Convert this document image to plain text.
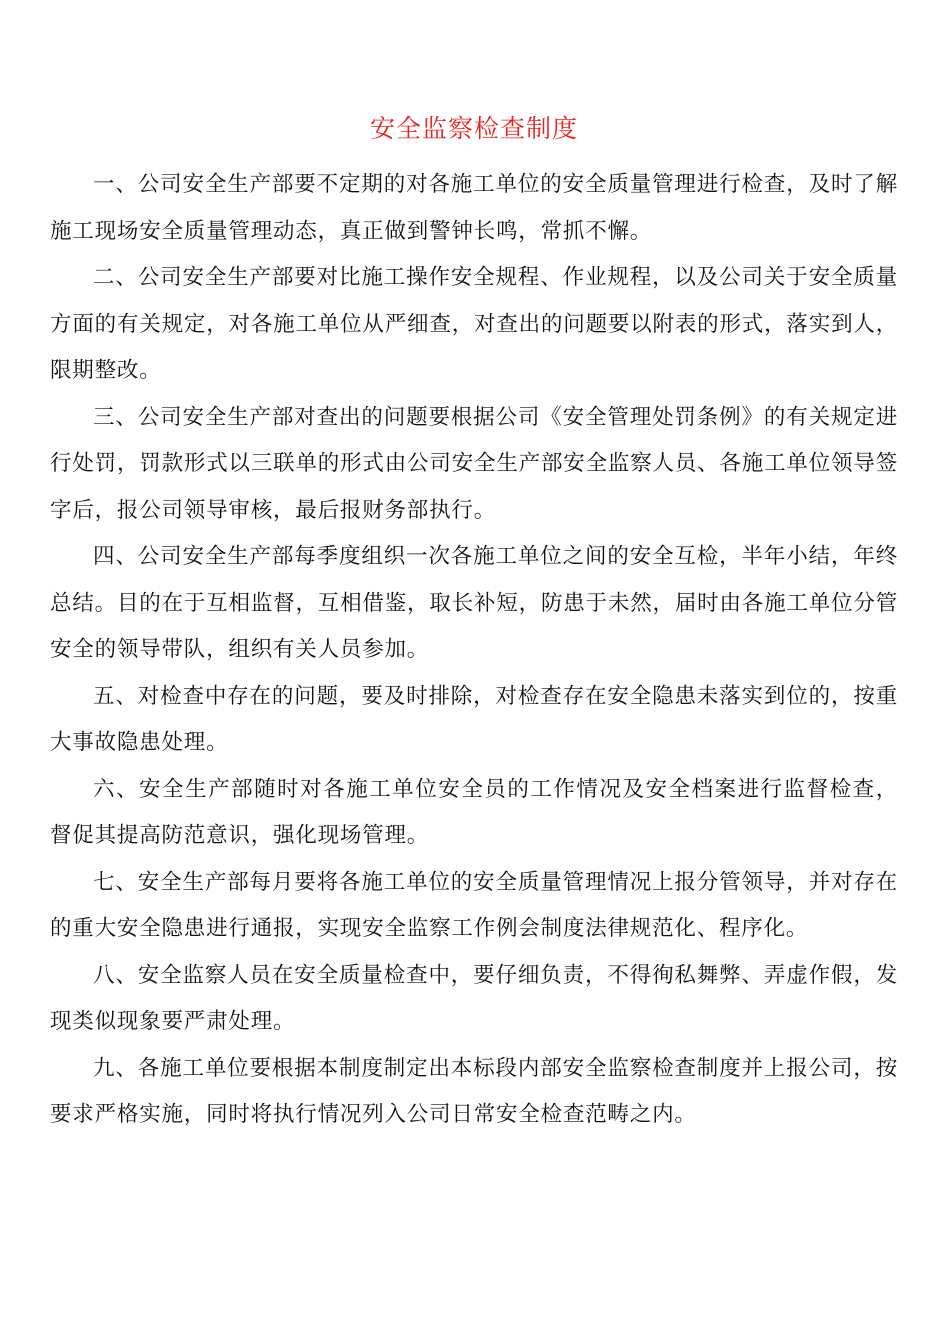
安全监察检查制度

一、公司安全生产部要不定期的对各施工单位的安全质量管理进行检查，及时了解施工现场安全质量管理动态，真正做到警钟长鸣，常抓不懈。

二、公司安全生产部要对比施工操作安全规程、作业规程，以及公司关于安全质量方面的有关规定，对各施工单位从严细查，对查出的问题要以附表的形式，落实到人，限期整改。

三、公司安全生产部对查出的问题要根据公司《安全管理处罚条例》的有关规定进行处罚，罚款形式以三联单的形式由公司安全生产部安全监察人员、各施工单位领导签字后，报公司领导审核，最后报财务部执行。

四、公司安全生产部每季度组织一次各施工单位之间的安全互检，半年小结，年终总结。目的在于互相监督，互相借鉴，取长补短，防患于未然，届时由各施工单位分管安全的领导带队，组织有关人员参加。

五、对检查中存在的问题，要及时排除，对检查存在安全隐患未落实到位的，按重大事故隐患处理。

六、安全生产部随时对各施工单位安全员的工作情况及安全档案进行监督检查，  督促其提高防范意识，强化现场管理。

七、安全生产部每月要将各施工单位的安全质量管理情况上报分管领导，并对存在的重大安全隐患进行通报，实现安全监察工作例会制度法律规范化、程序化。

八、安全监察人员在安全质量检查中，要仔细负责，不得徇私舞弊、弄虚作假，发现类似现象要严肃处理。

九、各施工单位要根据本制度制定出本标段内部安全监察检查制度并上报公司，按要求严格实施，同时将执行情况列入公司日常安全检查范畴之内。
